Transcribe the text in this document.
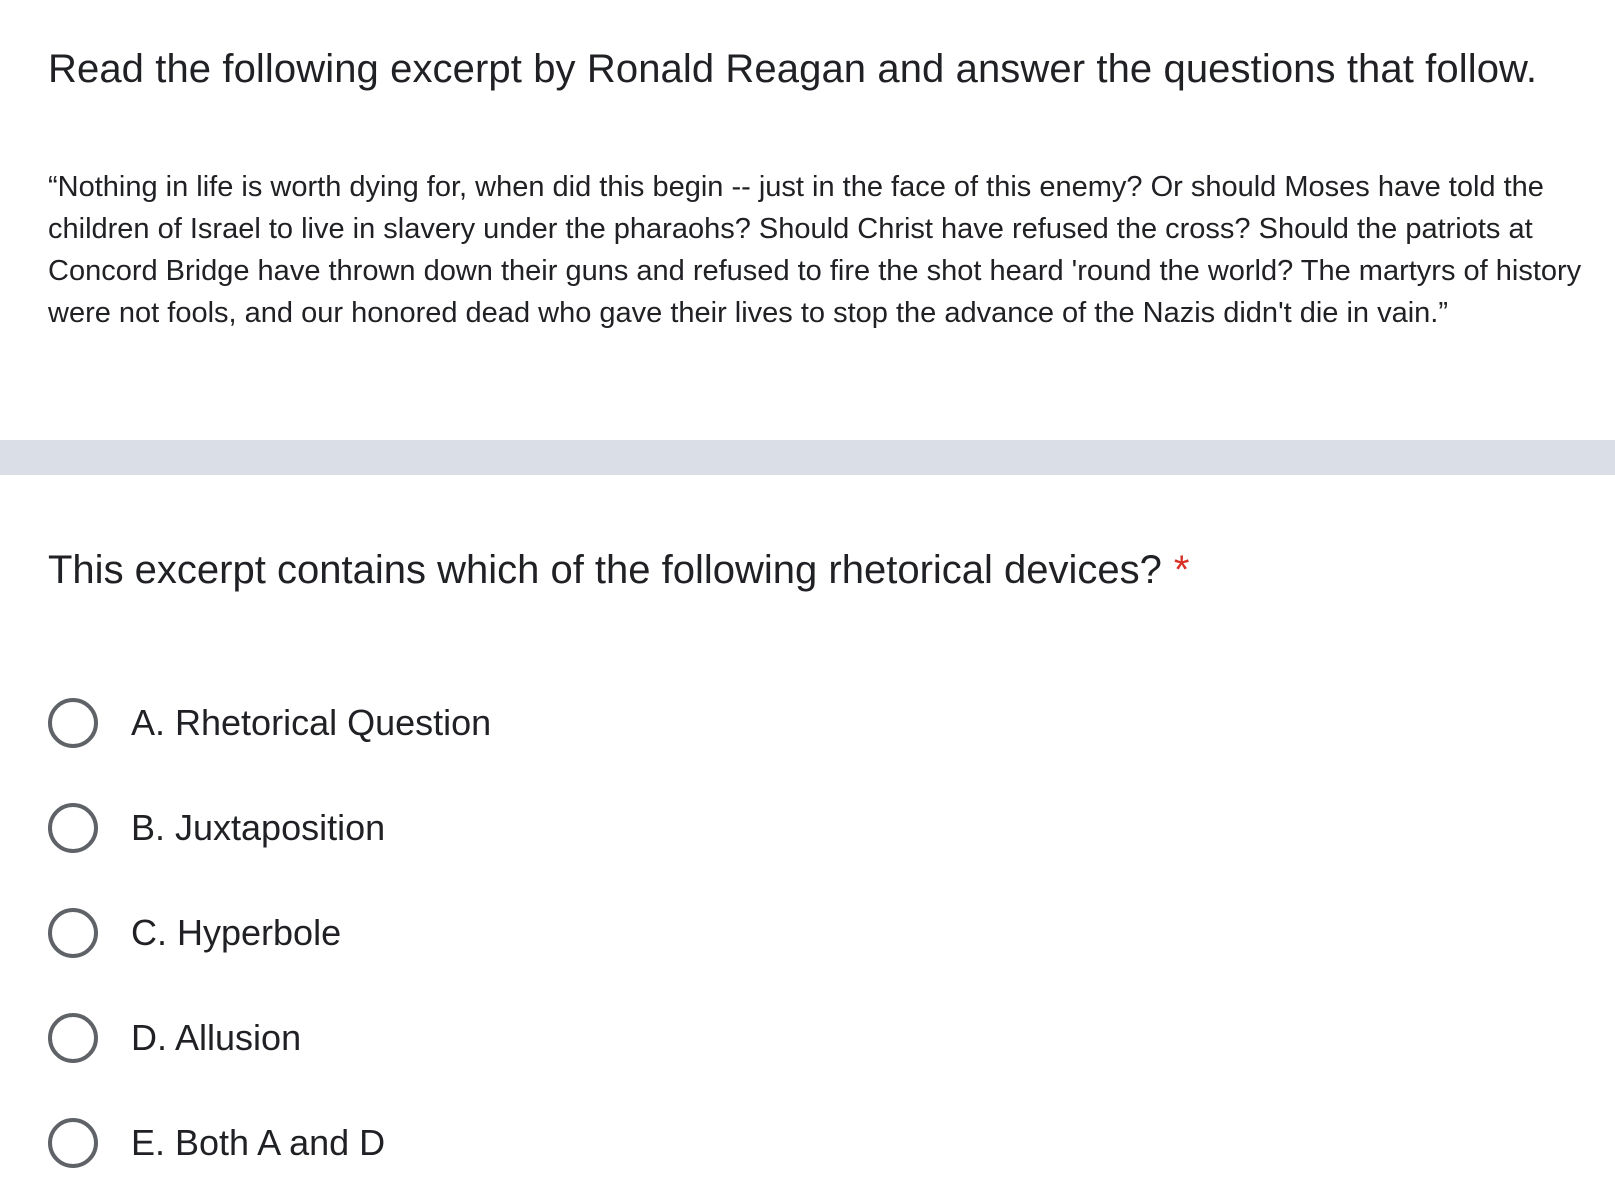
Read the following excerpt by Ronald Reagan and answer the questions that follow.

“Nothing in life is worth dying for, when did this begin -- just in the face of this enemy? Or should Moses have told the children of Israel to live in slavery under the pharaohs? Should Christ have refused the cross? Should the patriots at Concord Bridge have thrown down their guns and refused to fire the shot heard 'round the world? The martyrs of history were not fools, and our honored dead who gave their lives to stop the advance of the Nazis didn't die in vain.”

This excerpt contains which of the following rhetorical devices? *
A. Rhetorical Question
B. Juxtaposition
C. Hyperbole
D. Allusion
E. Both A and D
